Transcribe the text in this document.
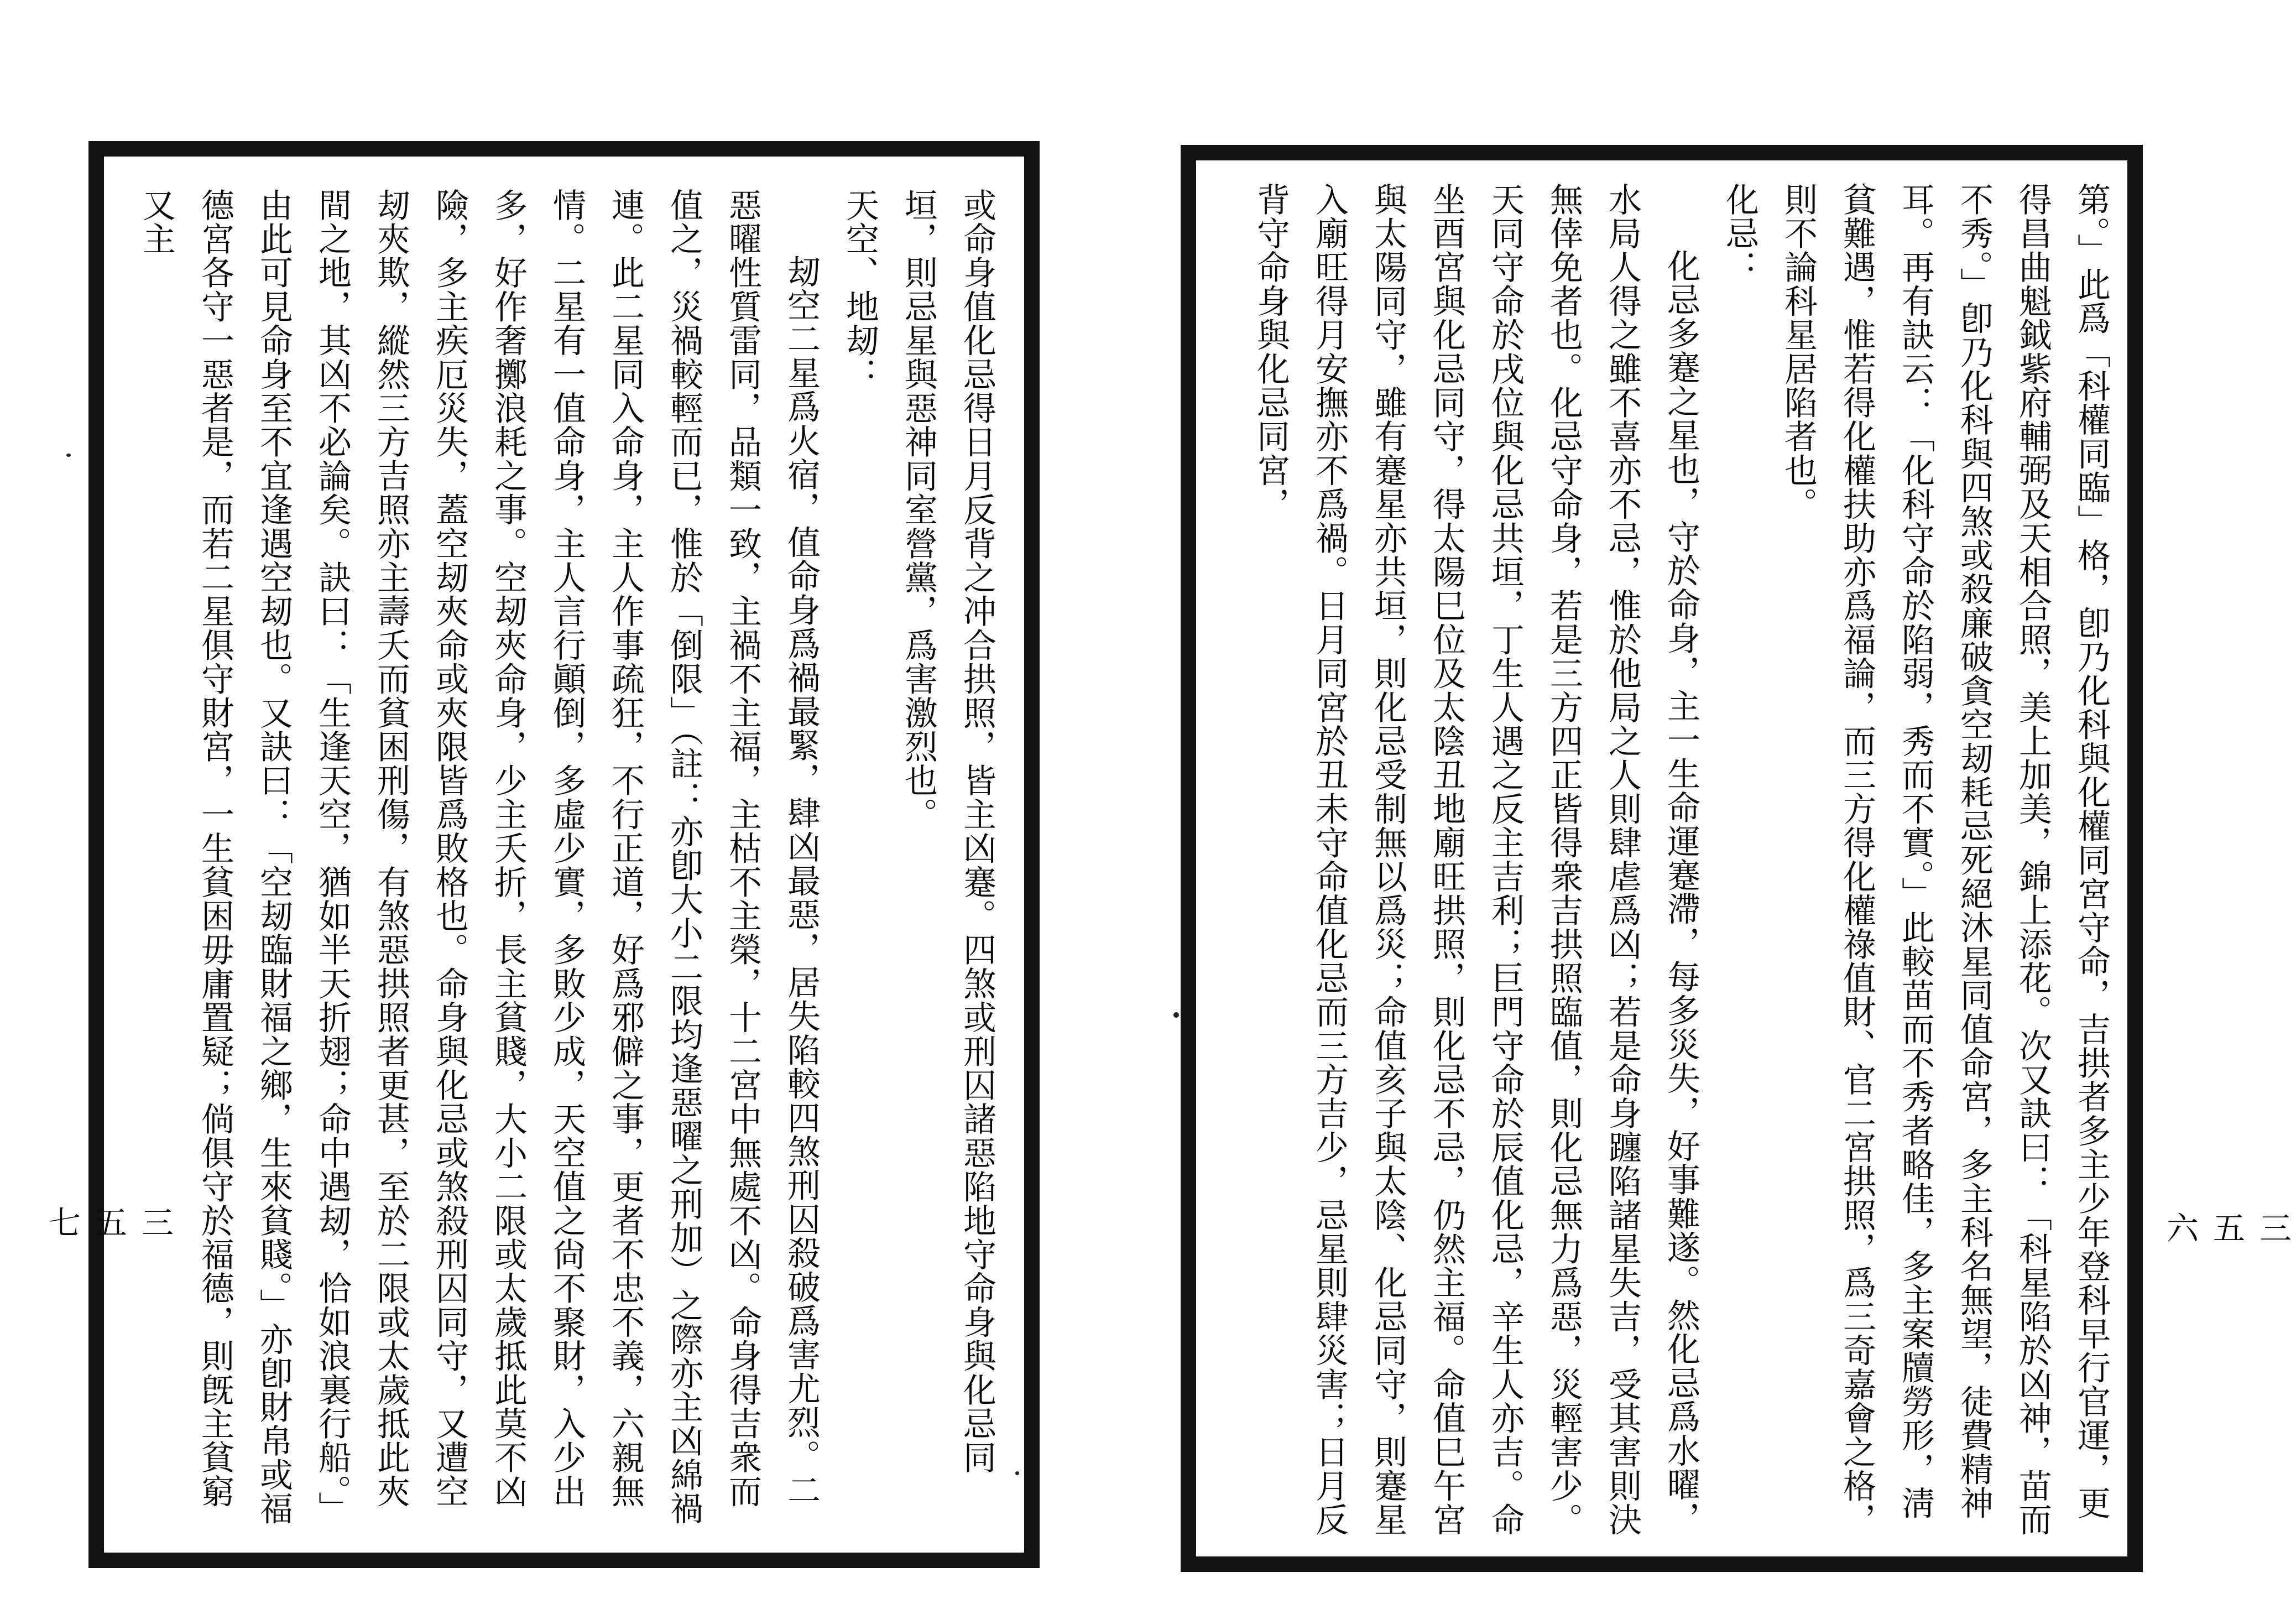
或命身值化忌得日月反背之冲合拱照，皆主凶蹇。四煞或刑囚諸惡陷地守命身與化忌同垣，則忌星與惡神同室營黨，爲害激烈也。

天空、地刼：

刼空二星爲火宿，值命身爲禍最緊，肆凶最惡，居失陷較四煞刑囚殺破爲害尤烈。二惡曜性質雷同，品類一致，主禍不主福，主枯不主榮，十二宮中無處不凶。命身得吉衆而值之，災禍較輕而已，惟於「倒限」（註：亦卽大小二限均逢惡曜之刑加）之際亦主凶綿禍連。此二星同入命身，主人作事疏狂，不行正道，好爲邪僻之事，更者不忠不義，六親無情。二星有一值命身，主人言行顚倒，多虛少實，多敗少成，天空值之尙不聚財，入少出多，好作奢擲浪耗之事。空刼夾命身，少主夭折，長主貧賤，大小二限或太歲抵此莫不凶險，多主疾厄災失，蓋空刼夾命或夾限皆爲敗格也。命身與化忌或煞殺刑囚同守，又遭空刼夾欺，縱然三方吉照亦主壽夭而貧困刑傷，有煞惡拱照者更甚，至於二限或太歲抵此夾間之地，其凶不必論矣。訣曰：「生逢天空，猶如半天折翅；命中遇刼，恰如浪裏行船。」由此可見命身至不宜逢遇空刼也。又訣曰：「空刼臨財福之鄉，生來貧賤。」亦卽財帛或福德宮各守一惡者是，而若二星俱守財宮，一生貧困毋庸置疑；倘俱守於福德，則旣主貧窮又主

三五七	第。」此爲「科權同臨」格，卽乃化科與化權同宮守命，吉拱者多主少年登科早行官運，更得昌曲魁鉞紫府輔弼及天相合照，美上加美，錦上添花。次又訣曰：「科星陷於凶神，苗而不秀。」卽乃化科與四煞或殺廉破貪空刼耗忌死絕沐星同值命宮，多主科名無望，徒費精神耳。再有訣云：「化科守命於陷弱，秀而不實。」此較苗而不秀者略佳，多主案牘勞形，淸貧難遇，惟若得化權扶助亦爲福論，而三方得化權祿值財、官二宮拱照，爲三奇嘉會之格，則不論科星居陷者也。

化忌：

化忌多蹇之星也，守於命身，主一生命運蹇滯，每多災失，好事難遂。然化忌爲水曜，水局人得之雖不喜亦不忌，惟於他局之人則肆虐爲凶；若是命身躔陷諸星失吉，受其害則決無倖免者也。化忌守命身，若是三方四正皆得衆吉拱照臨值，則化忌無力爲惡，災輕害少。天同守命於戌位與化忌共垣，丁生人遇之反主吉利；巨門守命於辰值化忌，辛生人亦吉。命坐酉宮與化忌同守，得太陽巳位及太陰丑地廟旺拱照，則化忌不忌，仍然主福。命值巳午宮與太陽同守，雖有蹇星亦共垣，則化忌受制無以爲災；命值亥子與太陰、化忌同守，則蹇星入廟旺得月安撫亦不爲禍。日月同宮於丑未守命值化忌而三方吉少，忌星則肆災害；日月反背守命身與化忌同宮，

三五六
